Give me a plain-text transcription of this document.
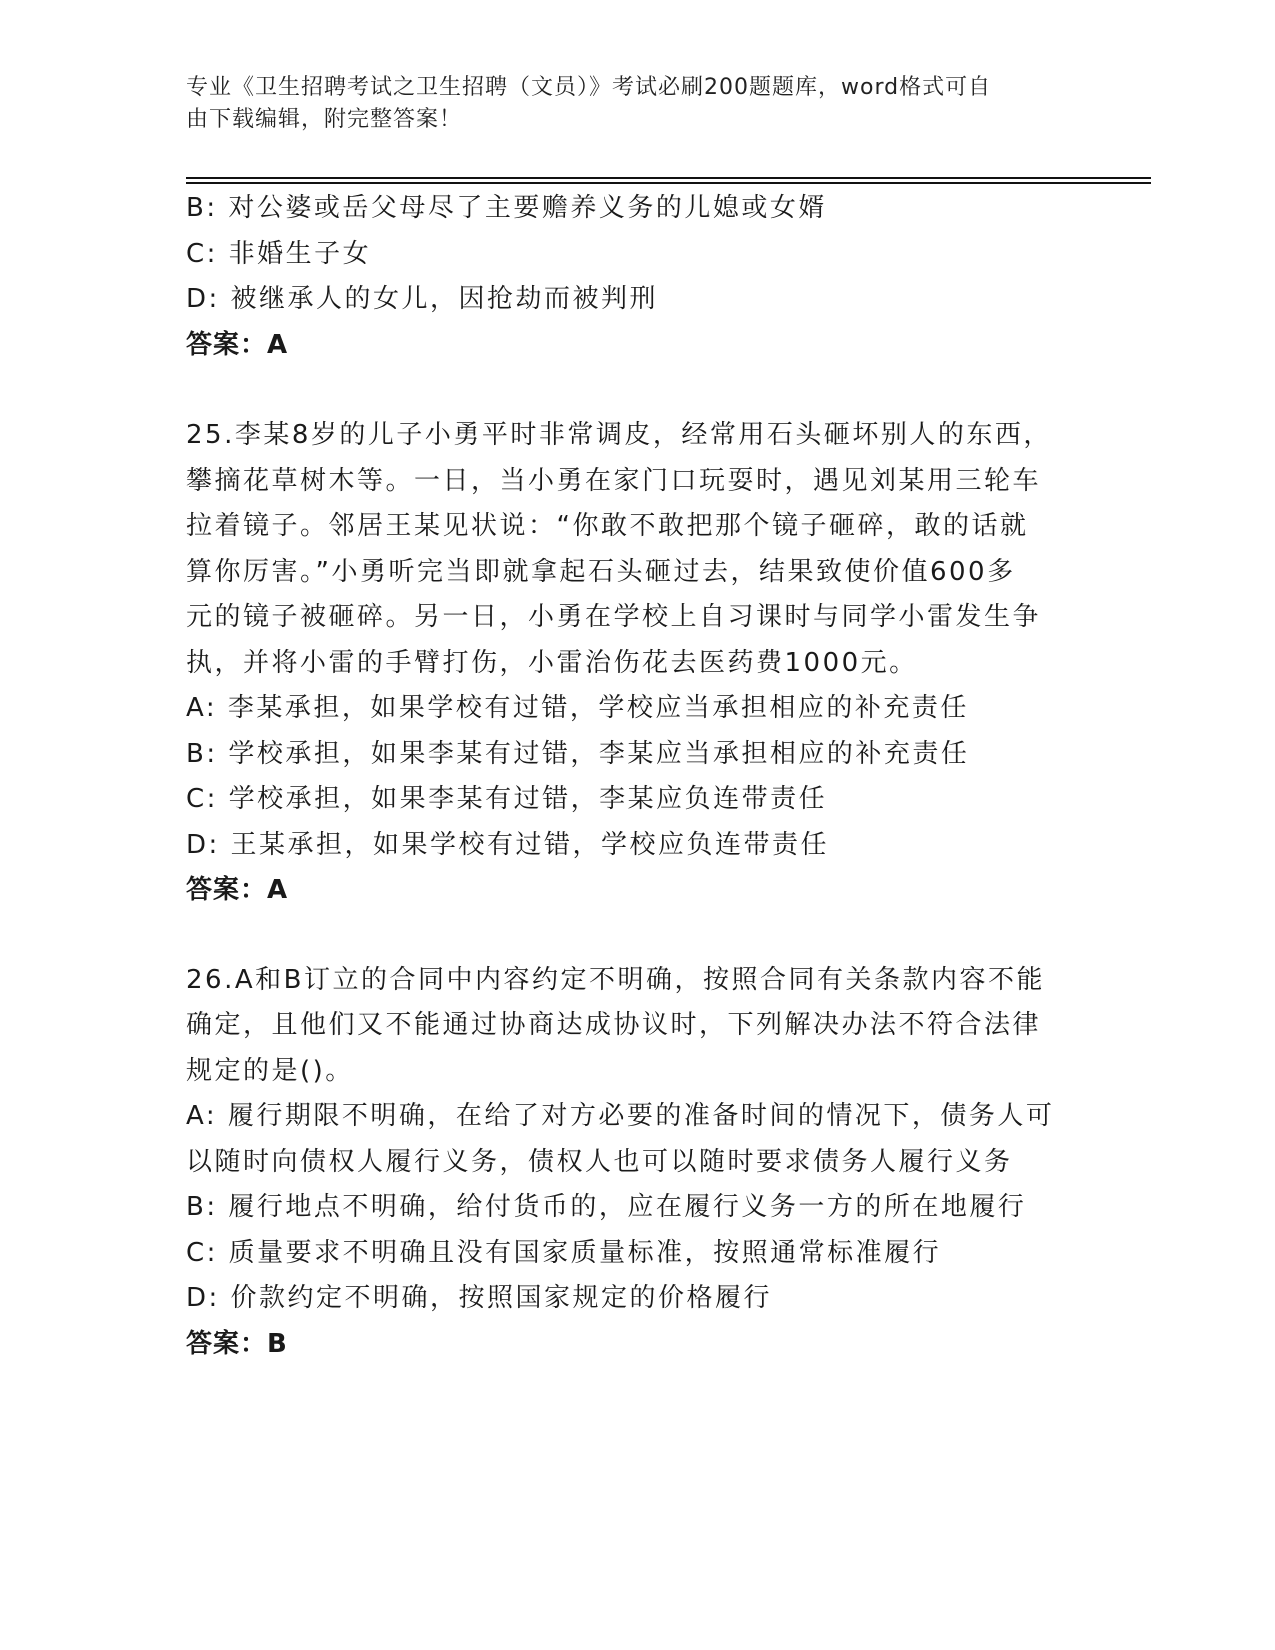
专业《卫生招聘考试之卫生招聘（文员）》考试必刷200题题库，word格式可自
由下载编辑，附完整答案！

B: 对公婆或岳父母尽了主要赡养义务的儿媳或女婿

C: 非婚生子女

D: 被继承人的女儿，因抢劫而被判刑

答案：A

25.李某8岁的儿子小勇平时非常调皮，经常用石头砸坏别人的东西，

攀摘花草树木等。一日，当小勇在家门口玩耍时，遇见刘某用三轮车

拉着镜子。邻居王某见状说：“你敢不敢把那个镜子砸碎，敢的话就

算你厉害。”小勇听完当即就拿起石头砸过去，结果致使价值600多

元的镜子被砸碎。另一日，小勇在学校上自习课时与同学小雷发生争

执，并将小雷的手臂打伤，小雷治伤花去医药费1000元。

A: 李某承担，如果学校有过错，学校应当承担相应的补充责任

B: 学校承担，如果李某有过错，李某应当承担相应的补充责任

C: 学校承担，如果李某有过错，李某应负连带责任

D: 王某承担，如果学校有过错，学校应负连带责任

答案：A

26.A和B订立的合同中内容约定不明确，按照合同有关条款内容不能

确定，且他们又不能通过协商达成协议时，下列解决办法不符合法律

规定的是()。

A: 履行期限不明确，在给了对方必要的准备时间的情况下，债务人可

以随时向债权人履行义务，债权人也可以随时要求债务人履行义务

B: 履行地点不明确，给付货币的，应在履行义务一方的所在地履行

C: 质量要求不明确且没有国家质量标准，按照通常标准履行

D: 价款约定不明确，按照国家规定的价格履行

答案：B
